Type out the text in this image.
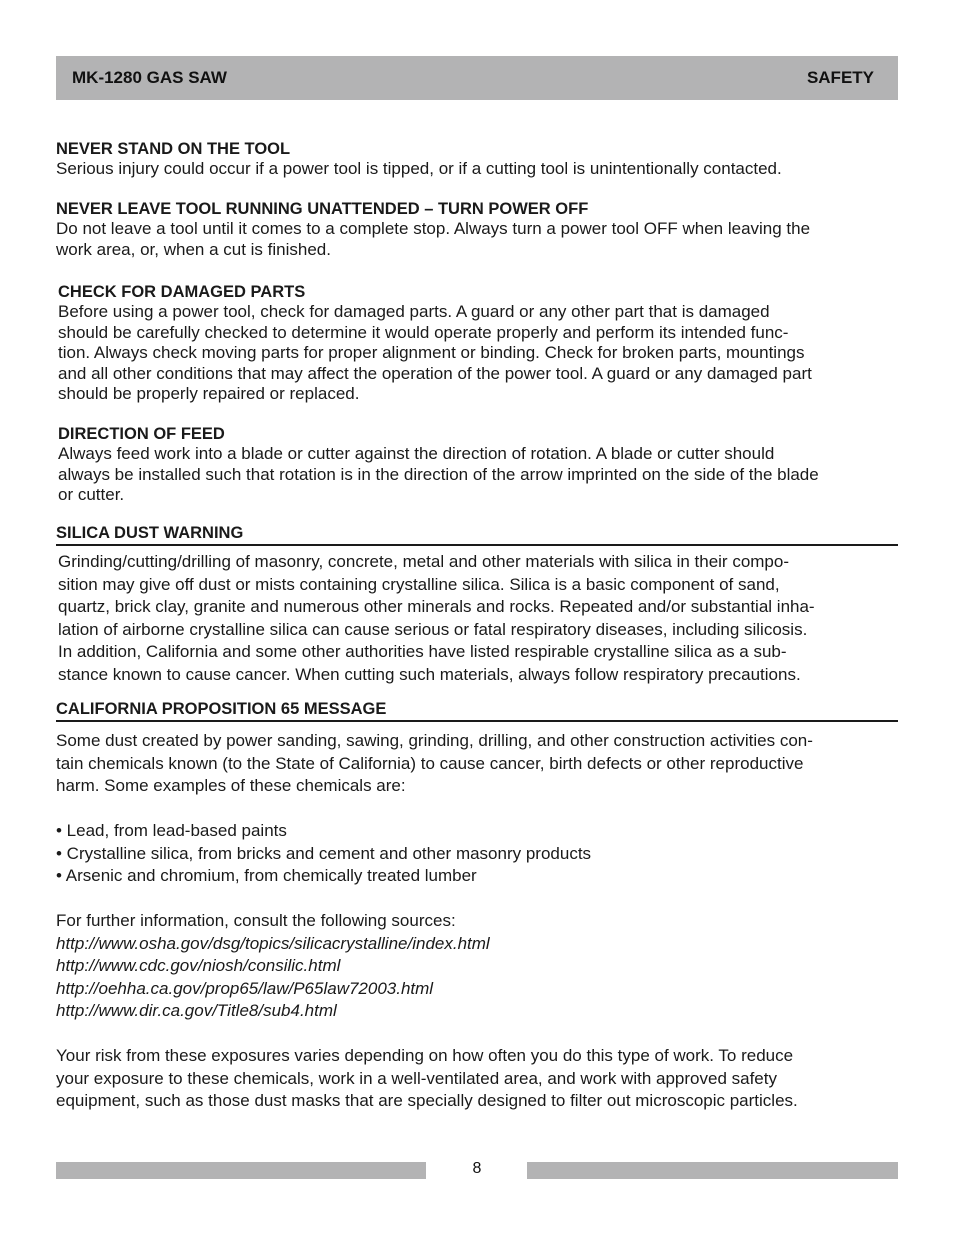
MK-1280 GAS SAW	SAFETY

NEVER STAND ON THE TOOL

Serious injury could occur if a power tool is tipped, or if a cutting tool is unintentionally contacted.

NEVER LEAVE TOOL RUNNING UNATTENDED – TURN POWER OFF

Do not leave a tool until it comes to a complete stop. Always turn a power tool OFF when leaving the

work area, or, when a cut is finished.

CHECK FOR DAMAGED PARTS

Before using a power tool, check for damaged parts. A guard or any other part that is damaged

should be carefully checked to determine it would operate properly and perform its intended func-

tion. Always check moving parts for proper alignment or binding. Check for broken parts, mountings

and all other conditions that may affect the operation of the power tool. A guard or any damaged part

should be properly repaired or replaced.

DIRECTION OF FEED

Always feed work into a blade or cutter against the direction of rotation. A blade or cutter should

always be installed such that rotation is in the direction of the arrow imprinted on the side of the blade

or cutter.

SILICA DUST WARNING

Grinding/cutting/drilling of masonry, concrete, metal and other materials with silica in their compo-

sition may give off dust or mists containing crystalline silica. Silica is a basic component of sand,

quartz, brick clay, granite and numerous other minerals and rocks. Repeated and/or substantial inha-

lation of airborne crystalline silica can cause serious or fatal respiratory diseases, including silicosis.

In addition, California and some other authorities have listed respirable crystalline silica as a sub-

stance known to cause cancer. When cutting such materials, always follow respiratory precautions.

CALIFORNIA PROPOSITION 65 MESSAGE

Some dust created by power sanding, sawing, grinding, drilling, and other construction activities con-

tain chemicals known (to the State of California) to cause cancer, birth defects or other reproductive

harm. Some examples of these chemicals are:

• Lead, from lead-based paints

• Crystalline silica, from bricks and cement and other masonry products

• Arsenic and chromium, from chemically treated lumber

For further information, consult the following sources:

http://www.osha.gov/dsg/topics/silicacrystalline/index.html

http://www.cdc.gov/niosh/consilic.html

http://oehha.ca.gov/prop65/law/P65law72003.html

http://www.dir.ca.gov/Title8/sub4.html

Your risk from these exposures varies depending on how often you do this type of work. To reduce

your exposure to these chemicals, work in a well-ventilated area, and work with approved safety

equipment, such as those dust masks that are specially designed to filter out microscopic particles.

8
